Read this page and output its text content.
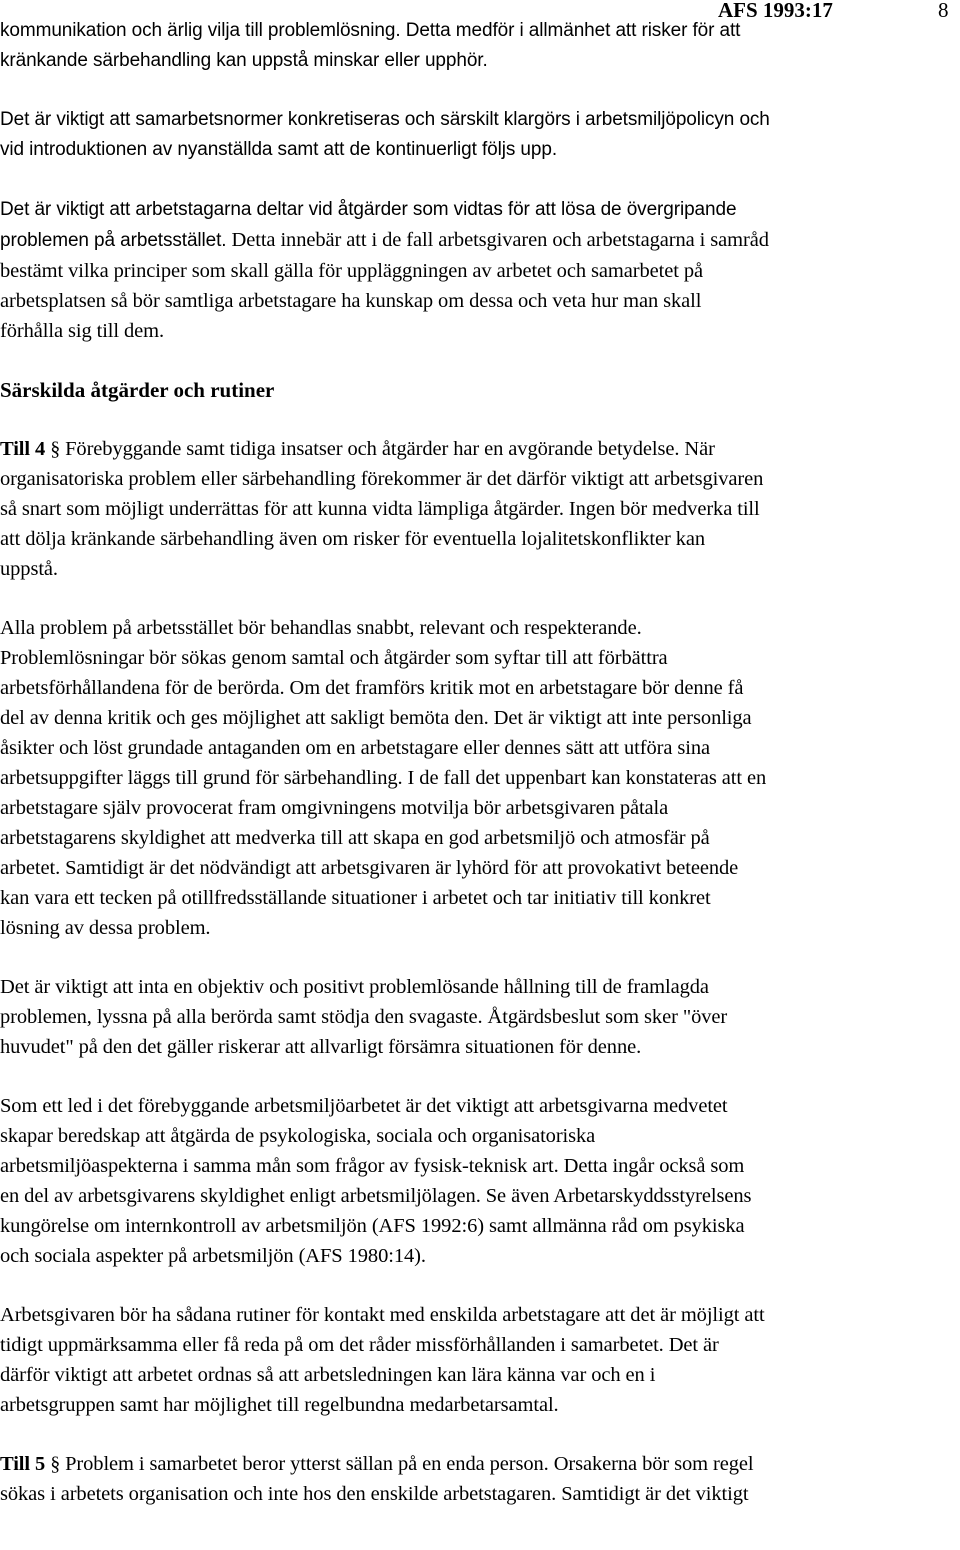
AFS 1993:17	8

kommunikation och ärlig vilja till problemlösning. Detta medför i allmänhet att risker för att
kränkande särbehandling kan uppstå minskar eller upphör.

Det är viktigt att samarbetsnormer konkretiseras och särskilt klargörs i arbetsmiljöpolicyn och
vid introduktionen av nyanställda samt att de kontinuerligt följs upp.

Det är viktigt att arbetstagarna deltar vid åtgärder som vidtas för att lösa de övergripande
problemen på arbetsstället. Detta innebär att i de fall arbetsgivaren och arbetstagarna i samråd
bestämt vilka principer som skall gälla för uppläggningen av arbetet och samarbetet på
arbetsplatsen så bör samtliga arbetstagare ha kunskap om dessa och veta hur man skall
förhålla sig till dem.

Särskilda åtgärder och rutiner

Till 4 § Förebyggande samt tidiga insatser och åtgärder har en avgörande betydelse. När
organisatoriska problem eller särbehandling förekommer är det därför viktigt att arbetsgivaren
så snart som möjligt underrättas för att kunna vidta lämpliga åtgärder. Ingen bör medverka till
att dölja kränkande särbehandling även om risker för eventuella lojalitetskonflikter kan
uppstå.

Alla problem på arbetsstället bör behandlas snabbt, relevant och respekterande.
Problemlösningar bör sökas genom samtal och åtgärder som syftar till att förbättra
arbetsförhållandena för de berörda. Om det framförs kritik mot en arbetstagare bör denne få
del av denna kritik och ges möjlighet att sakligt bemöta den. Det är viktigt att inte personliga
åsikter och löst grundade antaganden om en arbetstagare eller dennes sätt att utföra sina
arbetsuppgifter läggs till grund för särbehandling. I de fall det uppenbart kan konstateras att en
arbetstagare själv provocerat fram omgivningens motvilja bör arbetsgivaren påtala
arbetstagarens skyldighet att medverka till att skapa en god arbetsmiljö och atmosfär på
arbetet. Samtidigt är det nödvändigt att arbetsgivaren är lyhörd för att provokativt beteende
kan vara ett tecken på otillfredsställande situationer i arbetet och tar initiativ till konkret
lösning av dessa problem.

Det är viktigt att inta en objektiv och positivt problemlösande hållning till de framlagda
problemen, lyssna på alla berörda samt stödja den svagaste. Åtgärdsbeslut som sker "över
huvudet" på den det gäller riskerar att allvarligt försämra situationen för denne.

Som ett led i det förebyggande arbetsmiljöarbetet är det viktigt att arbetsgivarna medvetet
skapar beredskap att åtgärda de psykologiska, sociala och organisatoriska
arbetsmiljöaspekterna i samma mån som frågor av fysisk-teknisk art. Detta ingår också som
en del av arbetsgivarens skyldighet enligt arbetsmiljölagen. Se även Arbetarskyddsstyrelsens
kungörelse om internkontroll av arbetsmiljön (AFS 1992:6) samt allmänna råd om psykiska
och sociala aspekter på arbetsmiljön (AFS 1980:14).

Arbetsgivaren bör ha sådana rutiner för kontakt med enskilda arbetstagare att det är möjligt att
tidigt uppmärksamma eller få reda på om det råder missförhållanden i samarbetet. Det är
därför viktigt att arbetet ordnas så att arbetsledningen kan lära känna var och en i
arbetsgruppen samt har möjlighet till regelbundna medarbetarsamtal.

Till 5 § Problem i samarbetet beror ytterst sällan på en enda person. Orsakerna bör som regel
sökas i arbetets organisation och inte hos den enskilde arbetstagaren. Samtidigt är det viktigt
